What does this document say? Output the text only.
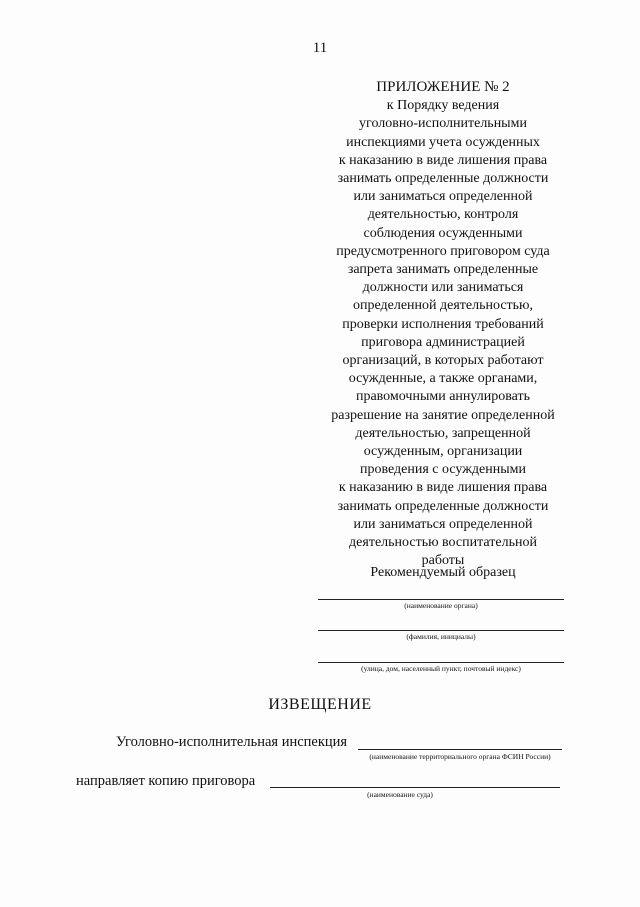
11
ПРИЛОЖЕНИЕ № 2
к Порядку ведения
уголовно-исполнительными
инспекциями учета осужденных
к наказанию в виде лишения права
занимать определенные должности
или заниматься определенной
деятельностью, контроля
соблюдения осужденными
предусмотренного приговором суда
запрета занимать определенные
должности или заниматься
определенной деятельностью,
проверки исполнения требований
приговора администрацией
организаций, в которых работают
осужденные, а также органами,
правомочными аннулировать
разрешение на занятие определенной
деятельностью, запрещенной
осужденным, организации
проведения с осужденными
к наказанию в виде лишения права
занимать определенные должности
или заниматься определенной
деятельностью воспитательной
работы
Рекомендуемый образец
(наименование органа)
(фамилия, инициалы)
(улица, дом, населенный пункт, почтовый индекс)
ИЗВЕЩЕНИЕ
Уголовно-исполнительная инспекция
(наименование территориального органа ФСИН России)
направляет копию приговора
(наименование суда)
